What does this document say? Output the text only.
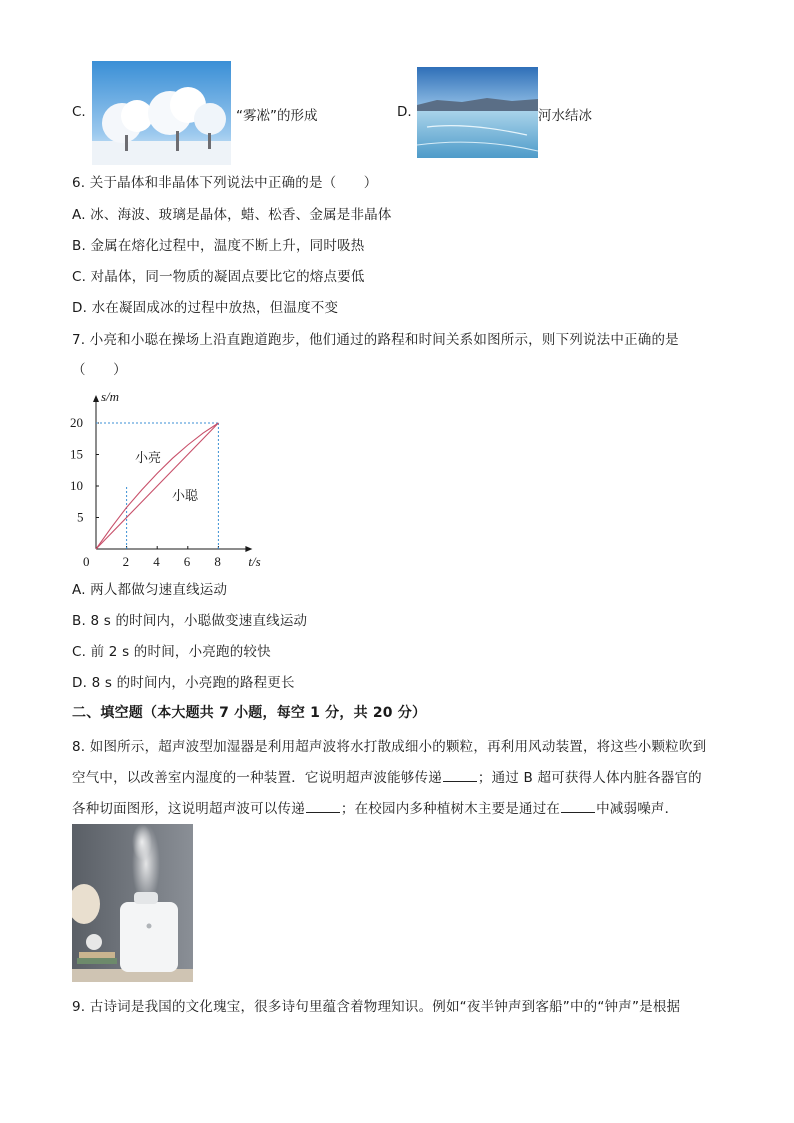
C.	“雾凇”的形成	D.	河水结冰
6. 关于晶体和非晶体下列说法中正确的是（　　）
A. 冰、海波、玻璃是晶体，蜡、松香、金属是非晶体
B. 金属在熔化过程中，温度不断上升，同时吸热
C. 对晶体，同一物质的凝固点要比它的熔点要低
D. 水在凝固成冰的过程中放热，但温度不变
7. 小亮和小聪在操场上沿直跑道跑步，他们通过的路程和时间关系如图所示，则下列说法中正确的是
（　　）
t/s
s/m
0	2 4 6 8
5
10
15
20
小亮
小聪
A. 两人都做匀速直线运动
B. 8 s 的时间内，小聪做变速直线运动
C. 前 2 s 的时间，小亮跑的较快
D. 8 s 的时间内，小亮跑的路程更长
二、填空题（本大题共 7 小题，每空 1 分，共 20 分）
8. 如图所示，超声波型加湿器是利用超声波将水打散成细小的颗粒，再利用风动装置，将这些小颗粒吹到
空气中，以改善室内湿度的一种装置．它说明超声波能够传递	；通过 B 超可获得人体内脏各器官的
各种切面图形，这说明超声波可以传递	；在校园内多种植树木主要是通过在	中减弱噪声．
9. 古诗词是我国的文化瑰宝，很多诗句里蕴含着物理知识。例如“夜半钟声到客船”中的“钟声”是根据
